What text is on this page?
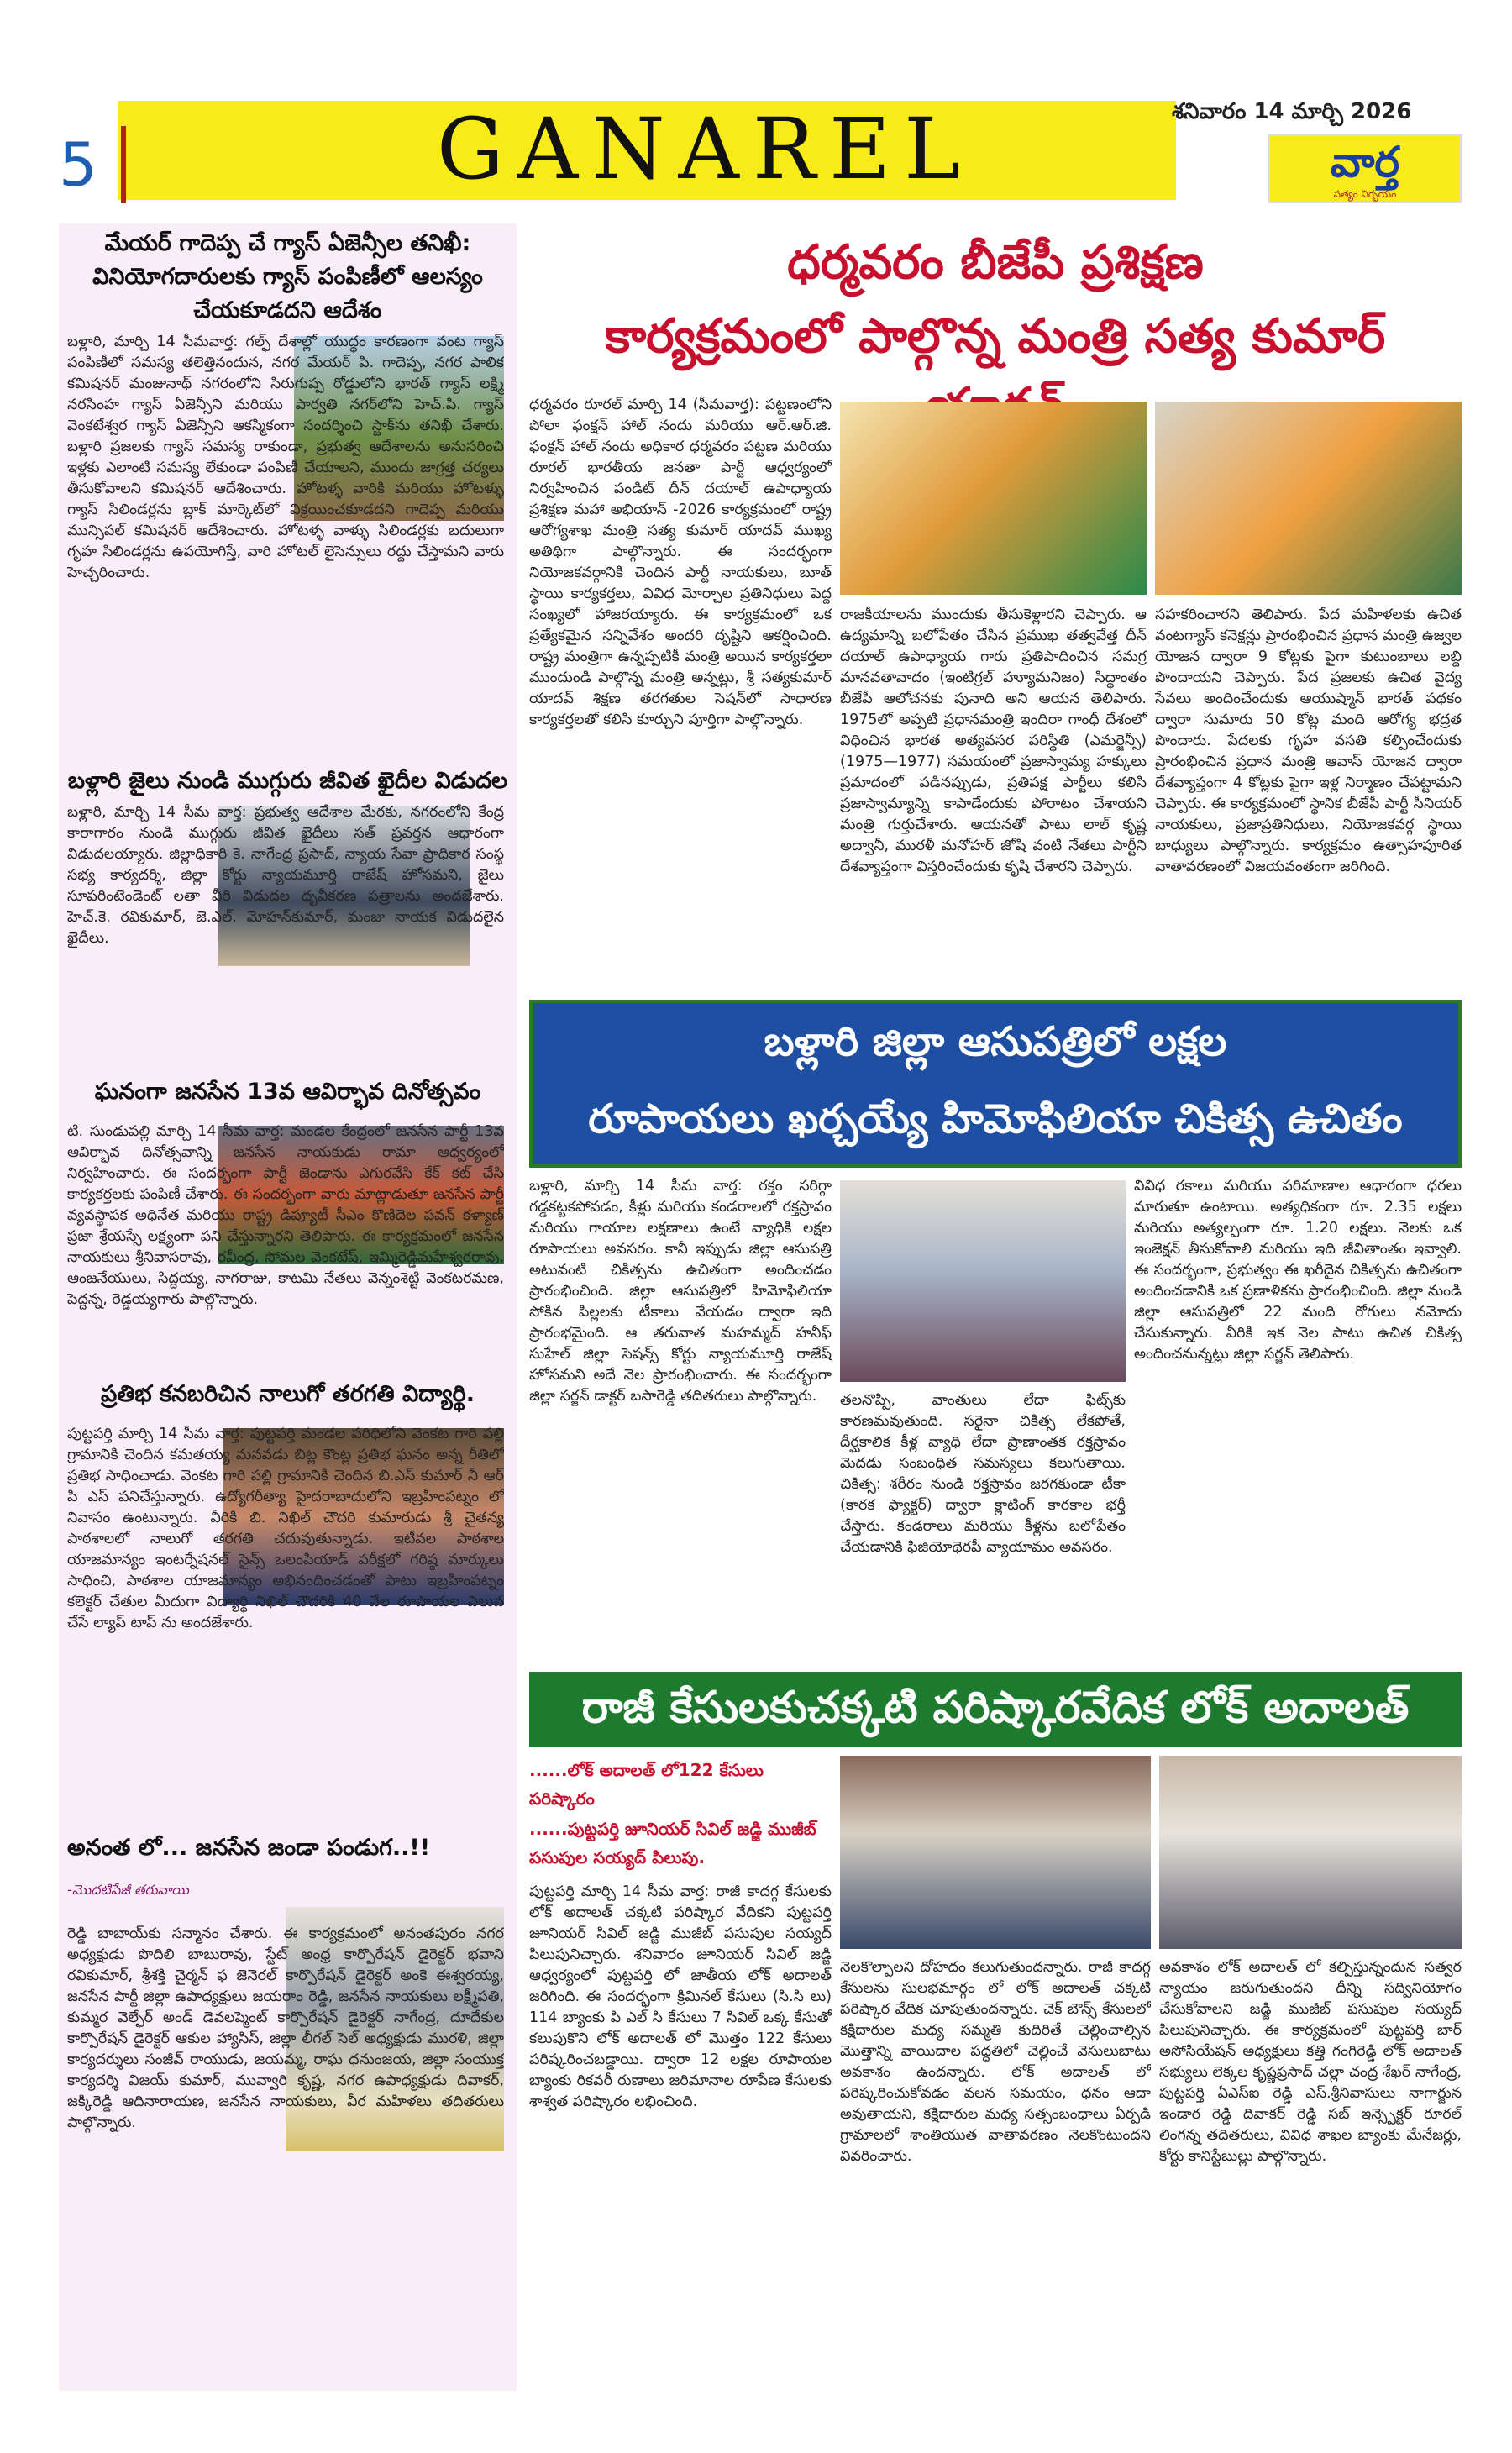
5	GANAREL	శనివారం 14 మార్చి 2026
వార్త
సత్యం నిర్భయం
మేయర్ గాదెప్ప చే గ్యాస్ ఏజెన్సీల తనిఖీ: వినియోగదారులకు గ్యాస్ పంపిణీలో ఆలస్యం చేయకూడదని ఆదేశం
బళ్లారి, మార్చి 14 సీమవార్త: గల్ఫ్ దేశాల్లో యుద్ధం కారణంగా వంట గ్యాస్ పంపిణీలో సమస్య తలెత్తినందున, నగర మేయర్ పి. గాదెప్ప, నగర పాలిక కమిషనర్ మంజునాథ్ నగరంలోని సిరుగుప్ప రోడ్డులోని భారత్ గ్యాస్ లక్ష్మి నరసింహ గ్యాస్ ఏజెన్సీని మరియు పార్వతి నగర్‌లోని హెచ్.పి. గ్యాస్ వెంకటేశ్వర గ్యాస్ ఏజెన్సీని ఆకస్మికంగా సందర్శించి స్టాక్‌ను తనిఖీ చేశారు. బళ్లారి ప్రజలకు గ్యాస్ సమస్య రాకుండా, ప్రభుత్వ ఆదేశాలను అనుసరించి ఇళ్లకు ఎలాంటి సమస్య లేకుండా పంపిణీ చేయాలని, ముందు జాగ్రత్త చర్యలు తీసుకోవాలని కమిషనర్ ఆదేశించారు. హోటళ్ళ వారికి మరియు హోటళ్ళు గ్యాస్ సిలిండర్లను బ్లాక్ మార్కెట్‌లో విక్రయించకూడదని గాదెప్ప మరియు మున్సిపల్ కమిషనర్ ఆదేశించారు. హోటళ్ళ వాళ్ళు సిలిండర్లకు బదులుగా గృహ సిలిండర్లను ఉపయోగిస్తే, వారి హోటల్ లైసెన్సులు రద్దు చేస్తామని వారు హెచ్చరించారు.
బళ్లారి జైలు నుండి ముగ్గురు జీవిత ఖైదీల విడుదల
బళ్లారి, మార్చి 14 సీమ వార్త: ప్రభుత్వ ఆదేశాల మేరకు, నగరంలోని కేంద్ర కారాగారం నుండి ముగ్గురు జీవిత ఖైదీలు సత్ ప్రవర్తన ఆధారంగా విడుదలయ్యారు. జిల్లాధికారి కె. నాగేంద్ర ప్రసాద్, న్యాయ సేవా ప్రాధికార సంస్థ సభ్య కార్యదర్శి, జిల్లా కోర్టు న్యాయమూర్తి రాజేష్ హోసమని, జైలు సూపరింటెండెంట్ లతా వీరి విడుదల ధృవీకరణ పత్రాలను అందజేశారు. హెచ్.కె. రవికుమార్, జె.ఎల్. మోహన్‌కుమార్, మంజు నాయక విడుదలైన ఖైదీలు.
ఘనంగా జనసేన 13వ ఆవిర్భావ దినోత్సవం
టి. సుండుపల్లి మార్చి 14 సీమ వార్త: మండల కేంద్రంలో జనసేన పార్టీ 13వ ఆవిర్భావ దినోత్సవాన్ని జనసేన నాయకుడు రామా ఆధ్వర్యంలో నిర్వహించారు. ఈ సందర్భంగా పార్టీ జెండాను ఎగురవేసి కేక్ కట్ చేసి కార్యకర్తలకు పంపిణీ చేశారు. ఈ సందర్భంగా వారు మాట్లాడుతూ జనసేన పార్టీ వ్యవస్థాపక అధినేత మరియు రాష్ట్ర డిప్యూటీ సీఎం కొణిదెల పవన్ కళ్యాణ్ ప్రజా శ్రేయస్సే లక్ష్యంగా పని చేస్తున్నారని తెలిపారు. ఈ కార్యక్రమంలో జనసేన నాయకులు శ్రీనివాసరావు, రవీంద్ర, సోమల వెంకటేష్, ఇమ్మిరెడ్డిమహేశ్వరరావు, ఆంజనేయులు, సిద్దయ్య, నాగరాజు, కాటమి నేతలు వెన్నంశెట్టి వెంకటరమణ, పెద్దన్న, రెడ్డయ్యగారు పాల్గొన్నారు.
ప్రతిభ కనబరిచిన నాలుగో తరగతి విద్యార్థి.
పుట్టపర్తి మార్చి 14 సీమ వార్త: పుట్టపర్తి మండల పరిధిలోని వెంకట గారి పల్లి గ్రామానికి చెందిన కమతయ్య మనవడు బిట్ల కౌంట్ల ప్రతిభ ఘనం అన్న రీతిలో ప్రతిభ సాధించాడు. వెంకట గారి పల్లి గ్రామానికి చెందిన బి.ఎస్ కుమార్ నీ ఆర్ పి ఎస్ పనిచేస్తున్నారు. ఉద్యోగరీత్యా హైదరాబాదులోని ఇబ్రహీంపట్నం లో నివాసం ఉంటున్నారు. వీరికి బి. నిఖిల్ చౌదరి కుమారుడు శ్రీ చైతన్య పాఠశాలలో నాలుగో తరగతి చదువుతున్నాడు. ఇటీవల పాఠశాల యాజమాన్యం ఇంటర్నేషనల్ సైన్స్ ఒలంపియాడ్ పరీక్షలో గరిష్ఠ మార్కులు సాధించి, పాఠశాల యాజమాన్యం అభినందించడంతో పాటు ఇబ్రహీంపట్నం కలెక్టర్ చేతుల మీదుగా విద్యార్థి నిఖిల్ చౌదరికి 40 వేల రూపాయల విలువ చేసే ల్యాప్ టాప్ ను అందజేశారు.
అనంత లో... జనసేన జండా పండుగ..!!
-మొదటిపేజీ తరువాయి
రెడ్డి బాబాయ్‌కు సన్మానం చేశారు. ఈ కార్యక్రమంలో అనంతపురం నగర అధ్యక్షుడు పొదిలి బాబురావు, స్టేట్ అంధ్ర కార్పొరేషన్ డైరెక్టర్ భవాని రవికుమార్, శ్రీశక్తి చైర్మన్ ఫ జెనెరల్ కార్పొరేషన్ డైరెక్టర్ అంకె ఈశ్వరయ్య, జనసేన పార్టీ జిల్లా ఉపాధ్యక్షులు జయరాం రెడ్డి, జనసేన నాయకులు లక్ష్మీపతి, కుమ్మర వెల్ఫేర్ అండ్ డెవలప్మెంట్ కార్పొరేషన్ డైరెక్టర్ నాగేంద్ర, దూదేకుల కార్పొరేషన్ డైరెక్టర్ ఆకుల హ్యాసిస్, జిల్లా లీగల్ సెల్ అధ్యక్షుడు మురళి, జిల్లా కార్యదర్శులు సంజీవ్ రాయుడు, జయమ్మ, రాఘ ధనుంజయ, జిల్లా సంయుక్త కార్యదర్శి విజయ్ కుమార్, మువ్వారి కృష్ణ, నగర ఉపాధ్యక్షుడు దివాకర్, జక్కిరెడ్డి ఆదినారాయణ, జనసేన నాయకులు, వీర మహిళలు తదితరులు పాల్గొన్నారు.
ధర్మవరం బీజేపీ ప్రశిక్షణ
కార్యక్రమంలో పాల్గొన్న మంత్రి సత్య కుమార్
ధర్మవరం రూరల్ మార్చి 14 (సీమవార్త): పట్టణంలోని పోలా ఫంక్షన్ హాల్ నందు మరియు ఆర్.ఆర్.జి. ఫంక్షన్ హాల్ నందు అధికార ధర్మవరం పట్టణ మరియు రూరల్ భారతీయ జనతా పార్టీ ఆధ్వర్యంలో నిర్వహించిన పండిట్ దీన్ దయాల్ ఉపాధ్యాయ ప్రశిక్షణ మహా అభియాన్ -2026 కార్యక్రమంలో రాష్ట్ర ఆరోగ్యశాఖ మంత్రి సత్య కుమార్ యాదవ్ ముఖ్య అతిథిగా పాల్గొన్నారు. ఈ సందర్భంగా నియోజకవర్గానికి చెందిన పార్టీ నాయకులు, బూత్ స్థాయి కార్యకర్తలు, వివిధ మోర్చాల ప్రతినిధులు పెద్ద సంఖ్యలో హాజరయ్యారు. ఈ కార్యక్రమంలో ఒక ప్రత్యేకమైన సన్నివేశం అందరి దృష్టిని ఆకర్షించింది. రాష్ట్ర మంత్రిగా ఉన్నప్పటికీ మంత్రి అయిన కార్యకర్తలా ముందుండి పాల్గొన్న మంత్రి అన్నట్లు, శ్రీ సత్యకుమార్ యాదవ్ శిక్షణ తరగతుల సెషన్‌లో సాధారణ కార్యకర్తలతో కలిసి కూర్చుని పూర్తిగా పాల్గొన్నారు.
రాజకీయాలను ముందుకు తీసుకెళ్లారని చెప్పారు. ఆ ఉద్యమాన్ని బలోపేతం చేసిన ప్రముఖ తత్వవేత్త దీన్ దయాల్ ఉపాధ్యాయ గారు ప్రతిపాదించిన సమగ్ర మానవతావాదం (ఇంటిగ్రల్ హ్యూమనిజం) సిద్ధాంతం బీజేపీ ఆలోచనకు పునాది అని ఆయన తెలిపారు. 1975లో అప్పటి ప్రధానమంత్రి ఇందిరా గాంధీ దేశంలో విధించిన భారత అత్యవసర పరిస్థితి (ఎమర్జెన్సీ) (1975—1977) సమయంలో ప్రజాస్వామ్య హక్కులు ప్రమాదంలో పడినప్పుడు, ప్రతిపక్ష పార్టీలు కలిసి ప్రజాస్వామ్యాన్ని కాపాడేందుకు పోరాటం చేశాయని మంత్రి గుర్తుచేశారు. ఆయనతో పాటు లాల్ కృష్ణ అద్వానీ, మురళీ మనోహర్ జోషి వంటి నేతలు పార్టీని దేశవ్యాప్తంగా విస్తరించేందుకు కృషి చేశారని చెప్పారు.
సహకరించారని తెలిపారు. పేద మహిళలకు ఉచిత వంటగ్యాస్ కనెక్షన్లు ప్రారంభించిన ప్రధాన మంత్రి ఉజ్వల యోజన ద్వారా 9 కోట్లకు పైగా కుటుంబాలు లబ్ది పొందాయని చెప్పారు. పేద ప్రజలకు ఉచిత వైద్య సేవలు అందించేందుకు ఆయుష్మాన్ భారత్ పథకం ద్వారా సుమారు 50 కోట్ల మంది ఆరోగ్య భద్రత పొందారు. పేదలకు గృహ వసతి కల్పించేందుకు ప్రారంభించిన ప్రధాన మంత్రి ఆవాస్ యోజన ద్వారా దేశవ్యాప్తంగా 4 కోట్లకు పైగా ఇళ్ల నిర్మాణం చేపట్టామని చెప్పారు. ఈ కార్యక్రమంలో స్థానిక బీజేపీ పార్టీ సీనియర్ నాయకులు, ప్రజాప్రతినిధులు, నియోజకవర్గ స్థాయి బాధ్యులు పాల్గొన్నారు. కార్యక్రమం ఉత్సాహపూరిత వాతావరణంలో విజయవంతంగా జరిగింది.
బళ్లారి జిల్లా ఆసుపత్రిలో లక్షల
రూపాయలు ఖర్చయ్యే హిమోఫిలియా చికిత్స ఉచితం
బళ్లారి, మార్చి 14 సీమ వార్త: రక్తం సరిగ్గా గడ్డకట్టకపోవడం, కీళ్లు మరియు కండరాలలో రక్తస్రావం మరియు గాయాల లక్షణాలు ఉంటే వ్యాధికి లక్షల రూపాయలు అవసరం. కానీ ఇప్పుడు జిల్లా ఆసుపత్రి అటువంటి చికిత్సను ఉచితంగా అందించడం ప్రారంభించింది. జిల్లా ఆసుపత్రిలో హిమోఫిలియా సోకిన పిల్లలకు టీకాలు వేయడం ద్వారా ఇది ప్రారంభమైంది. ఆ తరువాత మహమ్మద్ హనీఫ్ సుహేల్ జిల్లా సెషన్స్ కోర్టు న్యాయమూర్తి రాజేష్ హోసమని అదే నెల ప్రారంభించారు. ఈ సందర్భంగా జిల్లా సర్జన్ డాక్టర్ బసారెడ్డి తదితరులు పాల్గొన్నారు.	తలనొప్పి, వాంతులు లేదా ఫిట్స్‌కు కారణమవుతుంది. సరైనా చికిత్స లేకపోతే, దీర్ఘకాలిక కీళ్ల వ్యాధి లేదా ప్రాణాంతక రక్తస్రావం మెదడు సంబంధిత సమస్యలు కలుగుతాయి. చికిత్స: శరీరం నుండి రక్తస్రావం జరగకుండా టీకా (కారక ఫ్యాక్టర్) ద్వారా క్లాటింగ్ కారకాల భర్తీ చేస్తారు. కండరాలు మరియు కీళ్లను బలోపేతం చేయడానికి ఫిజియోథెరపీ వ్యాయామం అవసరం.
వివిధ రకాలు మరియు పరిమాణాల ఆధారంగా ధరలు మారుతూ ఉంటాయి. అత్యధికంగా రూ. 2.35 లక్షలు మరియు అత్యల్పంగా రూ. 1.20 లక్షలు. నెలకు ఒక ఇంజెక్షన్ తీసుకోవాలి మరియు ఇది జీవితాంతం ఇవ్వాలి. ఈ సందర్భంగా, ప్రభుత్వం ఈ ఖరీదైన చికిత్సను ఉచితంగా అందించడానికి ఒక ప్రణాళికను ప్రారంభించింది. జిల్లా నుండి జిల్లా ఆసుపత్రిలో 22 మంది రోగులు నమోదు చేసుకున్నారు. వీరికి ఇక నెల పాటు ఉచిత చికిత్స అందించనున్నట్లు జిల్లా సర్జన్ తెలిపారు.
రాజీ కేసులకుచక్కటి పరిష్కారవేదిక లోక్ అదాలత్
......లోక్ అదాలత్ లో122 కేసులు పరిష్కారం
......పుట్టపర్తి జూనియర్ సివిల్ జడ్జి ముజీబ్ పసుపుల సయ్యద్ పిలుపు.
పుట్టపర్తి మార్చి 14 సీమ వార్త: రాజీ కాదగ్గ కేసులకు లోక్ అదాలత్ చక్కటి పరిష్కార వేదికని పుట్టపర్తి జూనియర్ సివిల్ జడ్జి ముజీబ్ పసుపుల సయ్యద్ పిలుపునిచ్చారు. శనివారం జూనియర్ సివిల్ జడ్జి ఆధ్వర్యంలో పుట్టపర్తి లో జాతీయ లోక్ అదాలత్ జరిగింది. ఈ సందర్భంగా క్రిమినల్ కేసులు (సి.సి లు) 114 బ్యాంకు పి ఎల్ సి కేసులు 7 సివిల్ ఒక్క కేసుతో కలుపుకొని లోక్ అదాలత్ లో మొత్తం 122 కేసులు పరిష్కరించబడ్డాయి. ద్వారా 12 లక్షల రూపాయల బ్యాంకు రికవరీ రుణాలు జరిమానాల రూపేణ కేసులకు శాశ్వత పరిష్కారం లభించింది.
నెలకొల్పాలని దోహదం కలుగుతుందన్నారు. రాజీ కాదగ్గ కేసులను సులభమార్గం లో లోక్ అదాలత్ చక్కటి పరిష్కార వేదిక చూపుతుందన్నారు. చెక్ బౌన్స్ కేసులలో కక్షిదారుల మధ్య సమ్మతి కుదిరితే చెల్లించాల్సిన మొత్తాన్ని వాయిదాల పద్ధతిలో చెల్లించే వెసులుబాటు అవకాశం ఉందన్నారు. లోక్ అదాలత్ లో పరిష్కరించుకోవడం వలన సమయం, ధనం ఆదా అవుతాయని, కక్షిదారుల మధ్య సత్సంబంధాలు ఏర్పడి గ్రామాలలో శాంతియుత వాతావరణం నెలకొంటుందని వివరించారు.
అవకాశం లోక్ అదాలత్ లో కల్పిస్తున్నందున సత్వర న్యాయం జరుగుతుందని దీన్ని సద్వినియోగం చేసుకోవాలని జడ్జి ముజీబ్ పసుపుల సయ్యద్ పిలుపునిచ్చారు. ఈ కార్యక్రమంలో పుట్టపర్తి బార్ అసోసియేషన్ అధ్యక్షులు కత్తి గంగిరెడ్డి లోక్ అదాలత్ సభ్యులు లెక్కల కృష్ణప్రసాద్ చల్లా చంద్ర శేఖర్ నాగేంద్ర, పుట్టపర్తి ఏఎస్ఐ రెడ్డి ఎస్.శ్రీనివాసులు నాగార్జున ఇండార రెడ్డి దివాకర్ రెడ్డి సబ్ ఇన్స్పెక్టర్ రూరల్ లింగన్న తదితరులు, వివిధ శాఖల బ్యాంకు మేనేజర్లు, కోర్టు కానిస్టేబుల్లు పాల్గొన్నారు.
